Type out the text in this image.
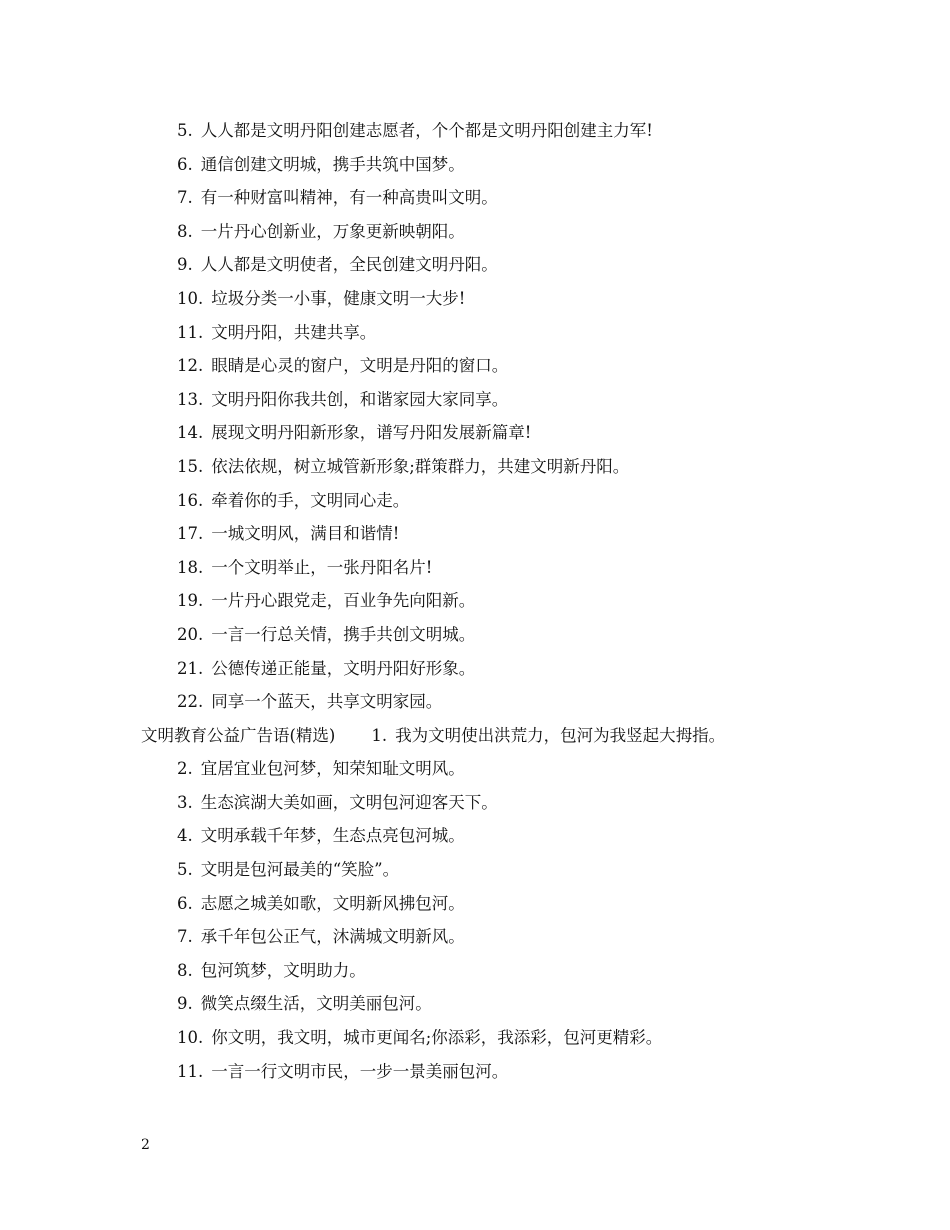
5. 人人都是文明丹阳创建志愿者，个个都是文明丹阳创建主力军!
6. 通信创建文明城，携手共筑中国梦。
7. 有一种财富叫精神，有一种高贵叫文明。
8. 一片丹心创新业，万象更新映朝阳。
9. 人人都是文明使者，全民创建文明丹阳。
10. 垃圾分类一小事，健康文明一大步!
11. 文明丹阳，共建共享。
12. 眼睛是心灵的窗户，文明是丹阳的窗口。
13. 文明丹阳你我共创，和谐家园大家同享。
14. 展现文明丹阳新形象，谱写丹阳发展新篇章!
15. 依法依规，树立城管新形象;群策群力，共建文明新丹阳。
16. 牵着你的手，文明同心走。
17. 一城文明风，满目和谐情!
18. 一个文明举止，一张丹阳名片!
19. 一片丹心跟党走，百业争先向阳新。
20. 一言一行总关情，携手共创文明城。
21. 公德传递正能量，文明丹阳好形象。
22. 同享一个蓝天，共享文明家园。
文明教育公益广告语(精选) 1. 我为文明使出洪荒力，包河为我竖起大拇指。
2. 宜居宜业包河梦，知荣知耻文明风。
3. 生态滨湖大美如画，文明包河迎客天下。
4. 文明承载千年梦，生态点亮包河城。
5. 文明是包河最美的“笑脸”。
6. 志愿之城美如歌，文明新风拂包河。
7. 承千年包公正气，沐满城文明新风。
8. 包河筑梦，文明助力。
9. 微笑点缀生活，文明美丽包河。
10. 你文明，我文明，城市更闻名;你添彩，我添彩，包河更精彩。
11. 一言一行文明市民，一步一景美丽包河。
2
